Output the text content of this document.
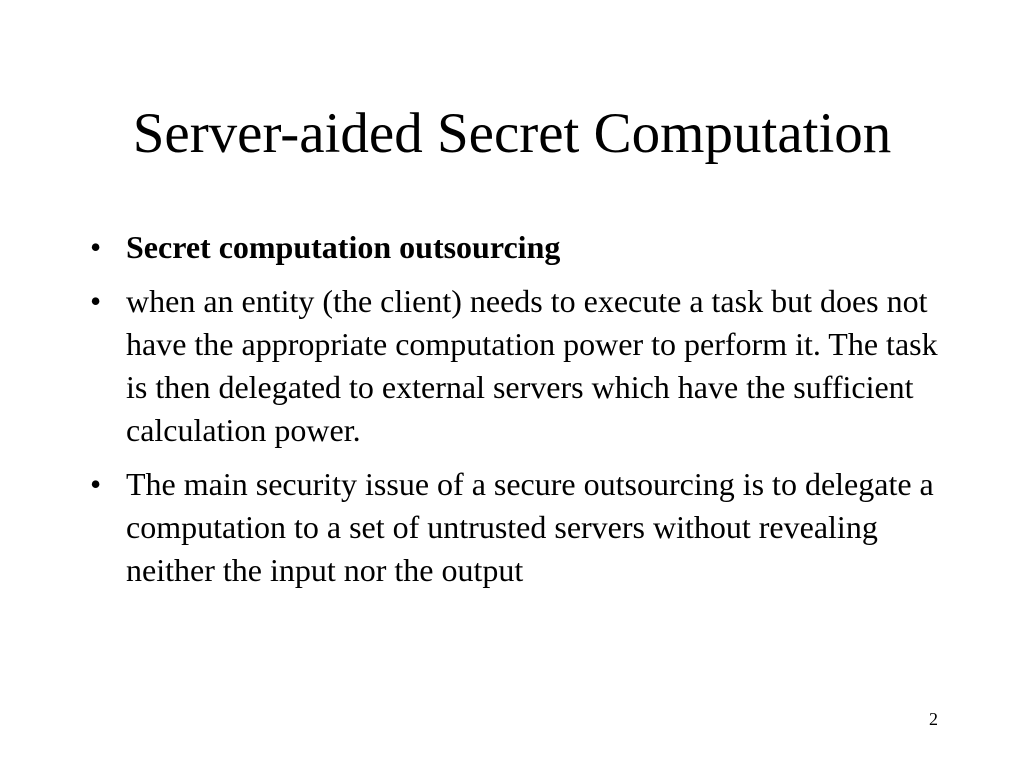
Server-aided Secret Computation
• Secret computation outsourcing
• when an entity (the client) needs to execute a task but does not have the appropriate computation power to perform it. The task is then delegated to external servers which have the sufficient calculation power.
• The main security issue of a secure outsourcing is to delegate a computation to a set of untrusted servers without revealing neither the input nor the output
2
